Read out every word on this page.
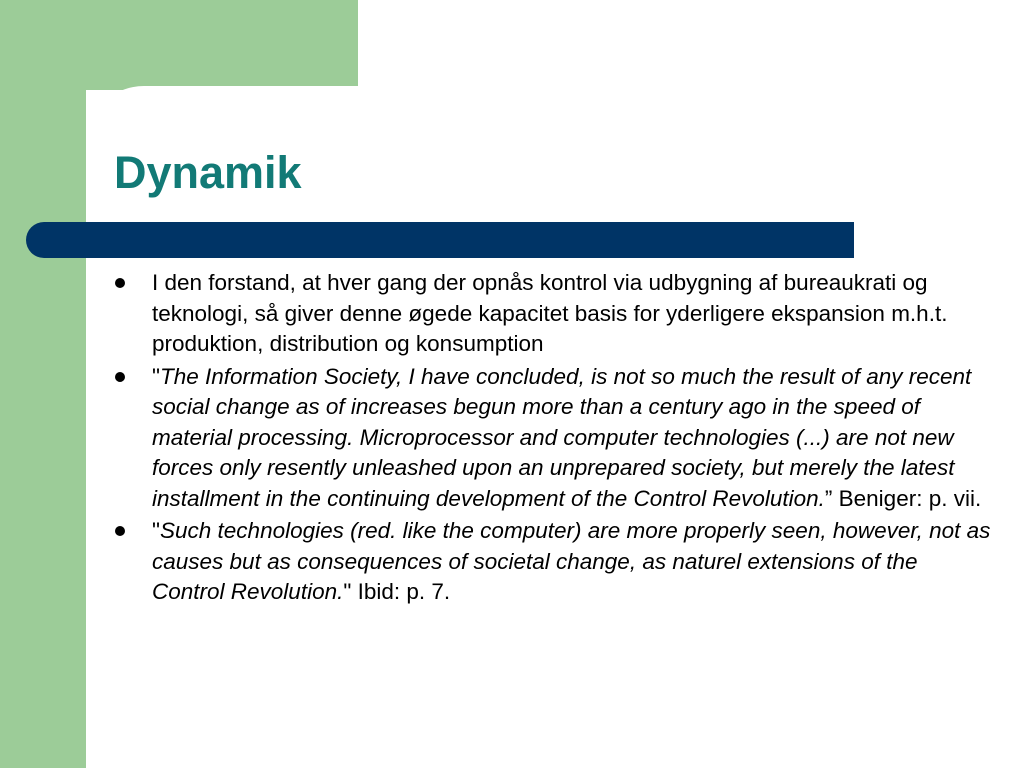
Dynamik
I den forstand, at hver gang der opnås kontrol via udbygning af bureaukrati og teknologi, så giver denne øgede kapacitet basis for yderligere ekspansion m.h.t. produktion, distribution og konsumption
"The Information Society, I have concluded, is not so much the result of any recent social change as of increases begun more than a century ago in the speed of material processing. Microprocessor and computer technologies (...) are not new forces only resently unleashed upon an unprepared society, but merely the latest installment in the continuing development of the Control Revolution.” Beniger: p. vii.
"Such technologies (red. like the computer) are more properly seen, however, not as causes but as consequences of societal change, as naturel extensions of the Control Revolution." Ibid: p. 7.
